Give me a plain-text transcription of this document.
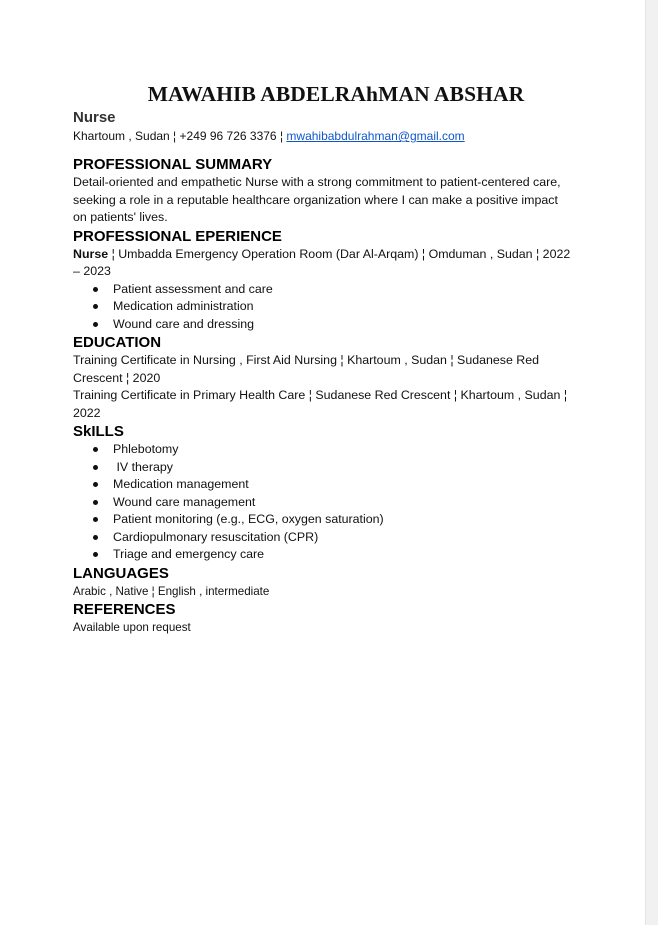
MAWAHIB ABDELRAhMAN ABSHAR
Nurse
Khartoum , Sudan ¦ +249 96 726 3376 ¦ mwahibabdulrahman@gmail.com
PROFESSIONAL SUMMARY

Detail-oriented and empathetic Nurse with a strong commitment to patient-centered care, seeking a role in a reputable healthcare organization where I can make a positive impact on patients' lives.

PROFESSIONAL EPERIENCE

Nurse ¦ Umbadda Emergency Operation Room (Dar Al-Arqam) ¦ Omduman , Sudan ¦ 2022 – 2023

Patient assessment and care
Medication administration
Wound care and dressing
EDUCATION

Training Certificate in Nursing , First Aid Nursing ¦ Khartoum , Sudan ¦ Sudanese Red Crescent ¦ 2020

Training Certificate in Primary Health Care ¦ Sudanese Red Crescent ¦ Khartoum , Sudan ¦ 2022

SkILLS
Phlebotomy
IV therapy
Medication management
Wound care management
Patient monitoring (e.g., ECG, oxygen saturation)
Cardiopulmonary resuscitation (CPR)
Triage and emergency care
LANGUAGES
Arabic , Native ¦ English , intermediate
REFERENCES
Available upon request
